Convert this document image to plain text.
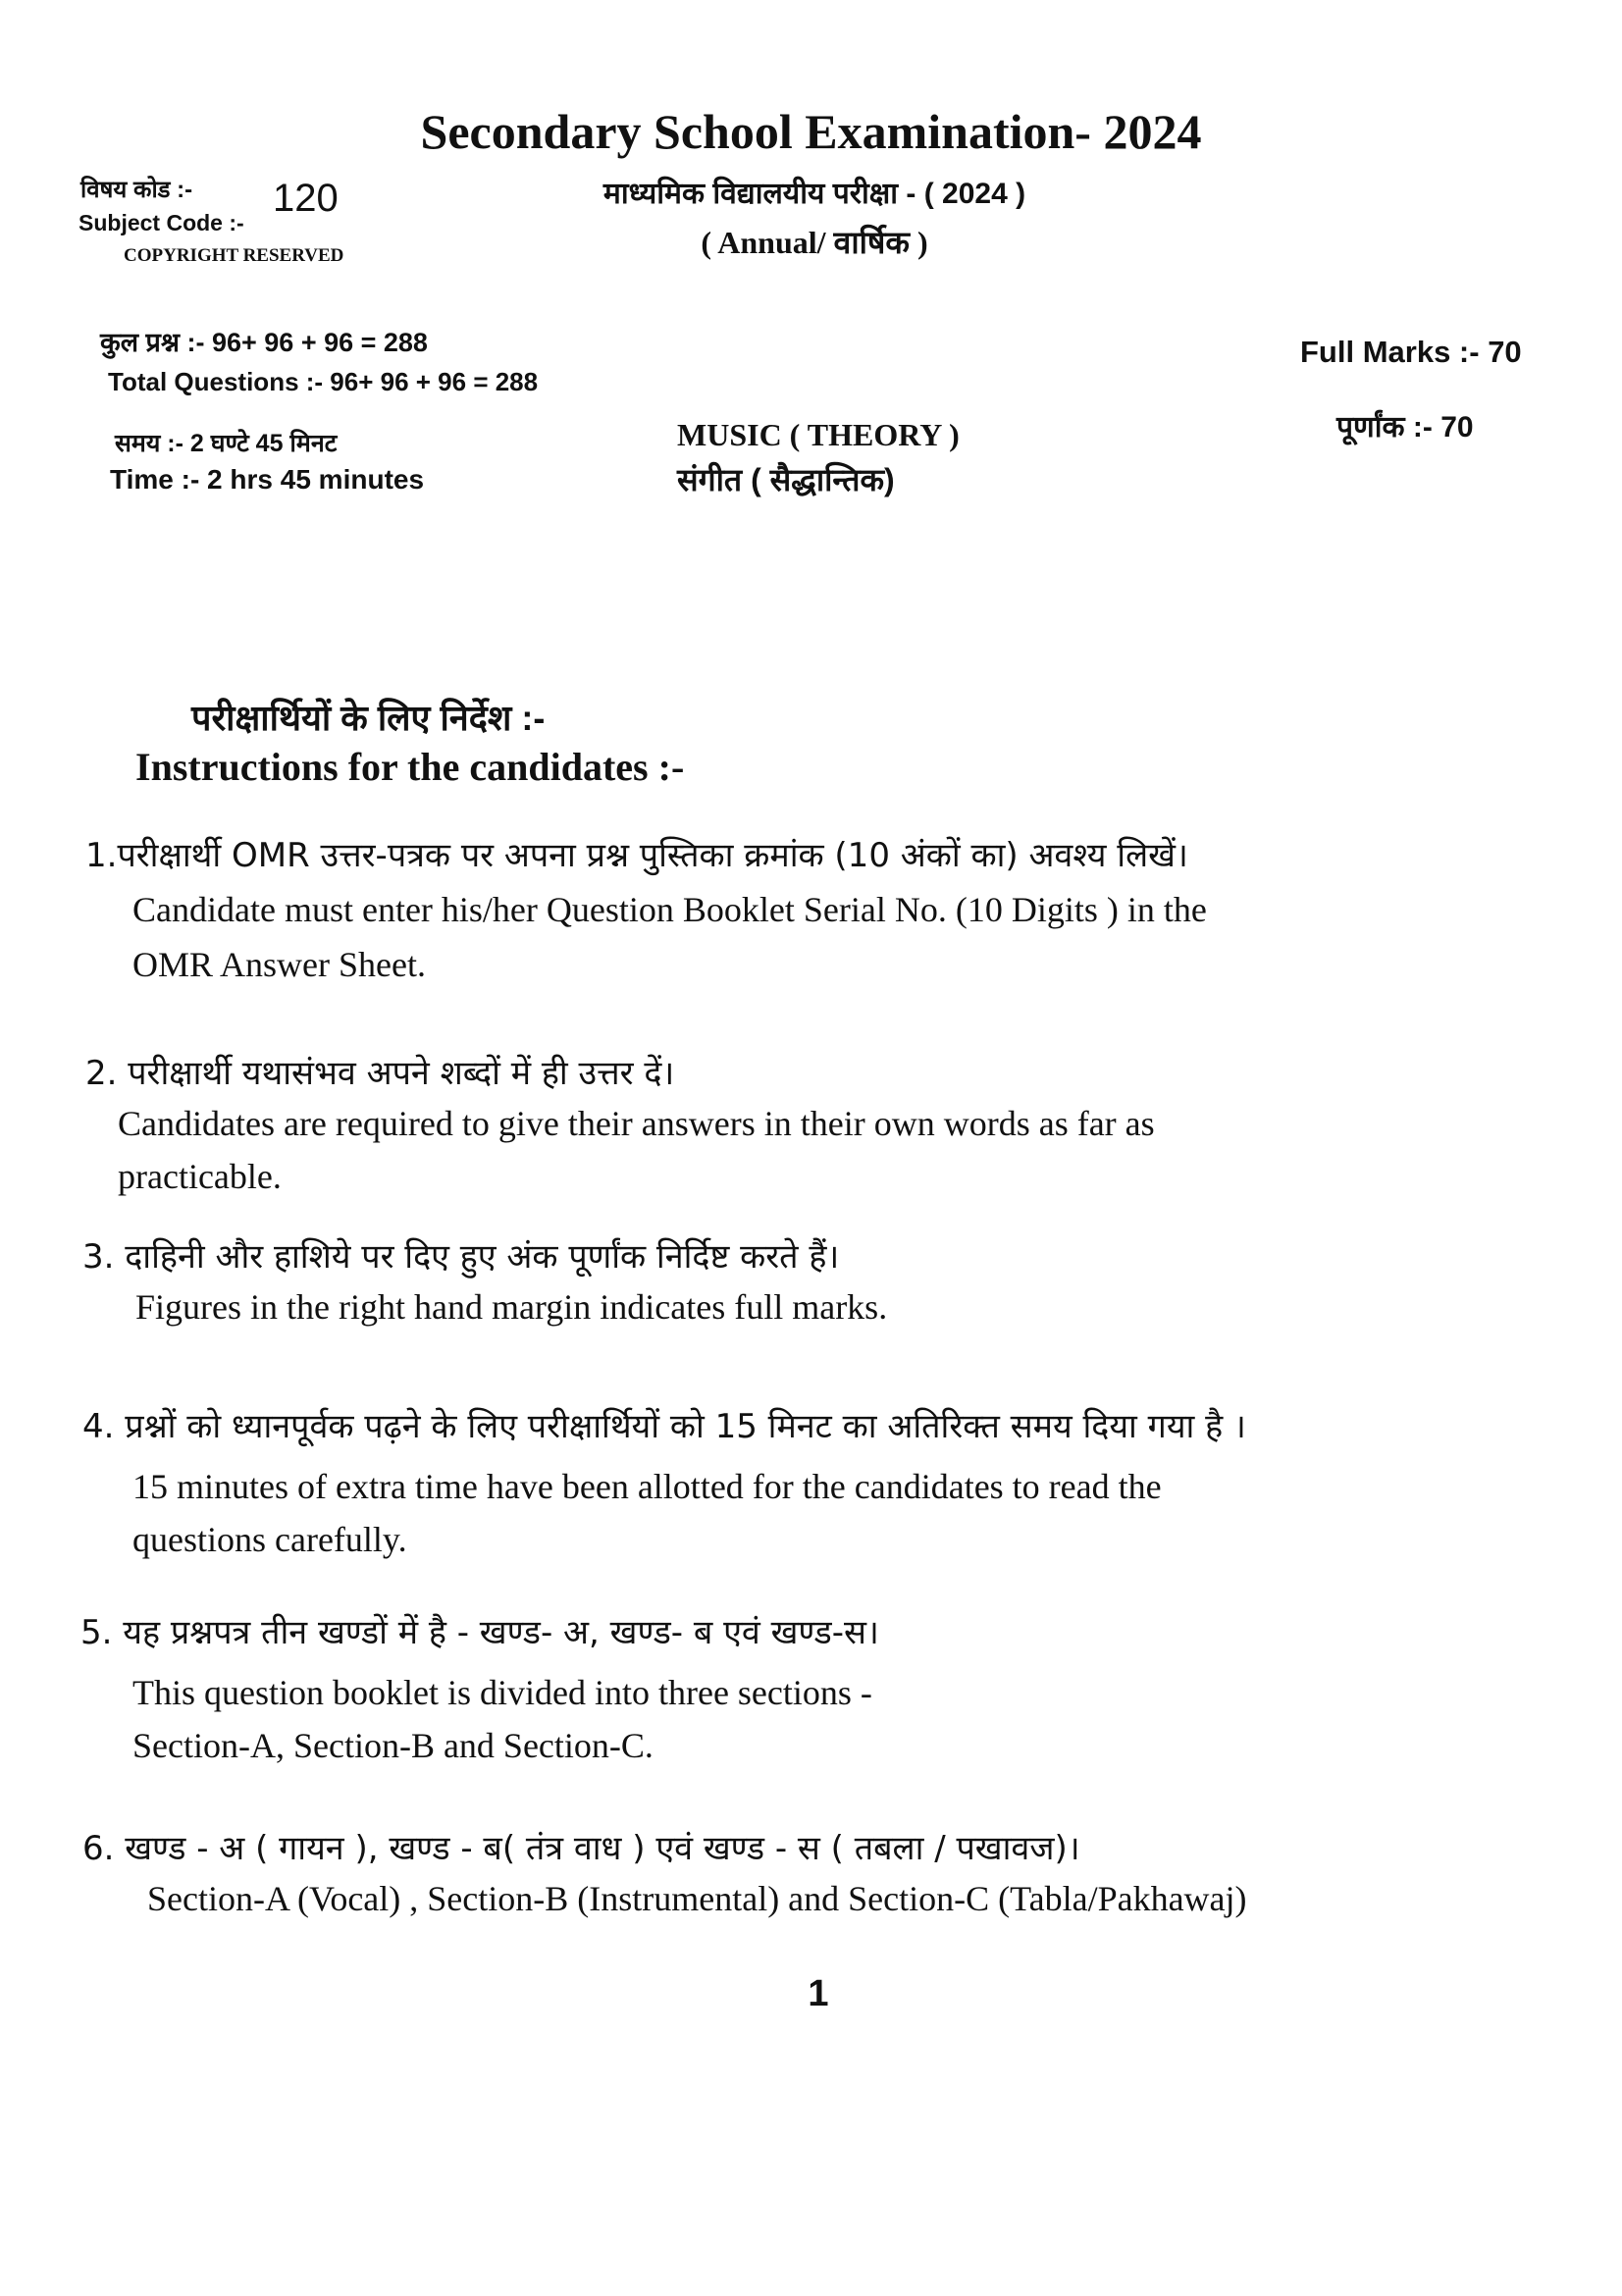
Secondary School Examination- 2024
विषय कोड :-
Subject Code :-
120
COPYRIGHT RESERVED
माध्यमिक विद्यालयीय परीक्षा - ( 2024 )
( Annual/ वार्षिक )
कुल प्रश्न :- 96+ 96 + 96 = 288
Total Questions :- 96+ 96 + 96 = 288
Full Marks :- 70
पूर्णांक :- 70
समय :- 2 घण्टे 45 मिनट
Time :- 2 hrs 45 minutes
MUSIC ( THEORY )
संगीत ( सैद्धान्तिक)
परीक्षार्थियों के लिए निर्देश :-
Instructions for the candidates :-
1.परीक्षार्थी OMR उत्तर-पत्रक पर अपना प्रश्न पुस्तिका क्रमांक (10 अंकों का) अवश्य लिखें।
Candidate must enter his/her Question Booklet Serial No. (10 Digits ) in the
OMR Answer Sheet.
2. परीक्षार्थी यथासंभव अपने शब्दों में ही उत्तर दें।
Candidates are required to give their answers in their own words as far as
practicable.
3. दाहिनी और हाशिये पर दिए हुए अंक पूर्णांक निर्दिष्ट करते हैं।
Figures in the right hand margin indicates full marks.
4. प्रश्नों को ध्यानपूर्वक पढ़ने के लिए परीक्षार्थियों को 15 मिनट का अतिरिक्त समय दिया गया है ।
15 minutes of extra time have been allotted for the candidates to read the
questions carefully.
5. यह प्रश्नपत्र तीन खण्डों में है - खण्ड- अ, खण्ड- ब एवं खण्ड-स।
This question booklet is divided into three sections -
Section-A, Section-B and Section-C.
6. खण्ड - अ ( गायन ), खण्ड - ब( तंत्र वाध ) एवं खण्ड - स ( तबला / पखावज)।
Section-A (Vocal) , Section-B (Instrumental) and Section-C (Tabla/Pakhawaj)
1
